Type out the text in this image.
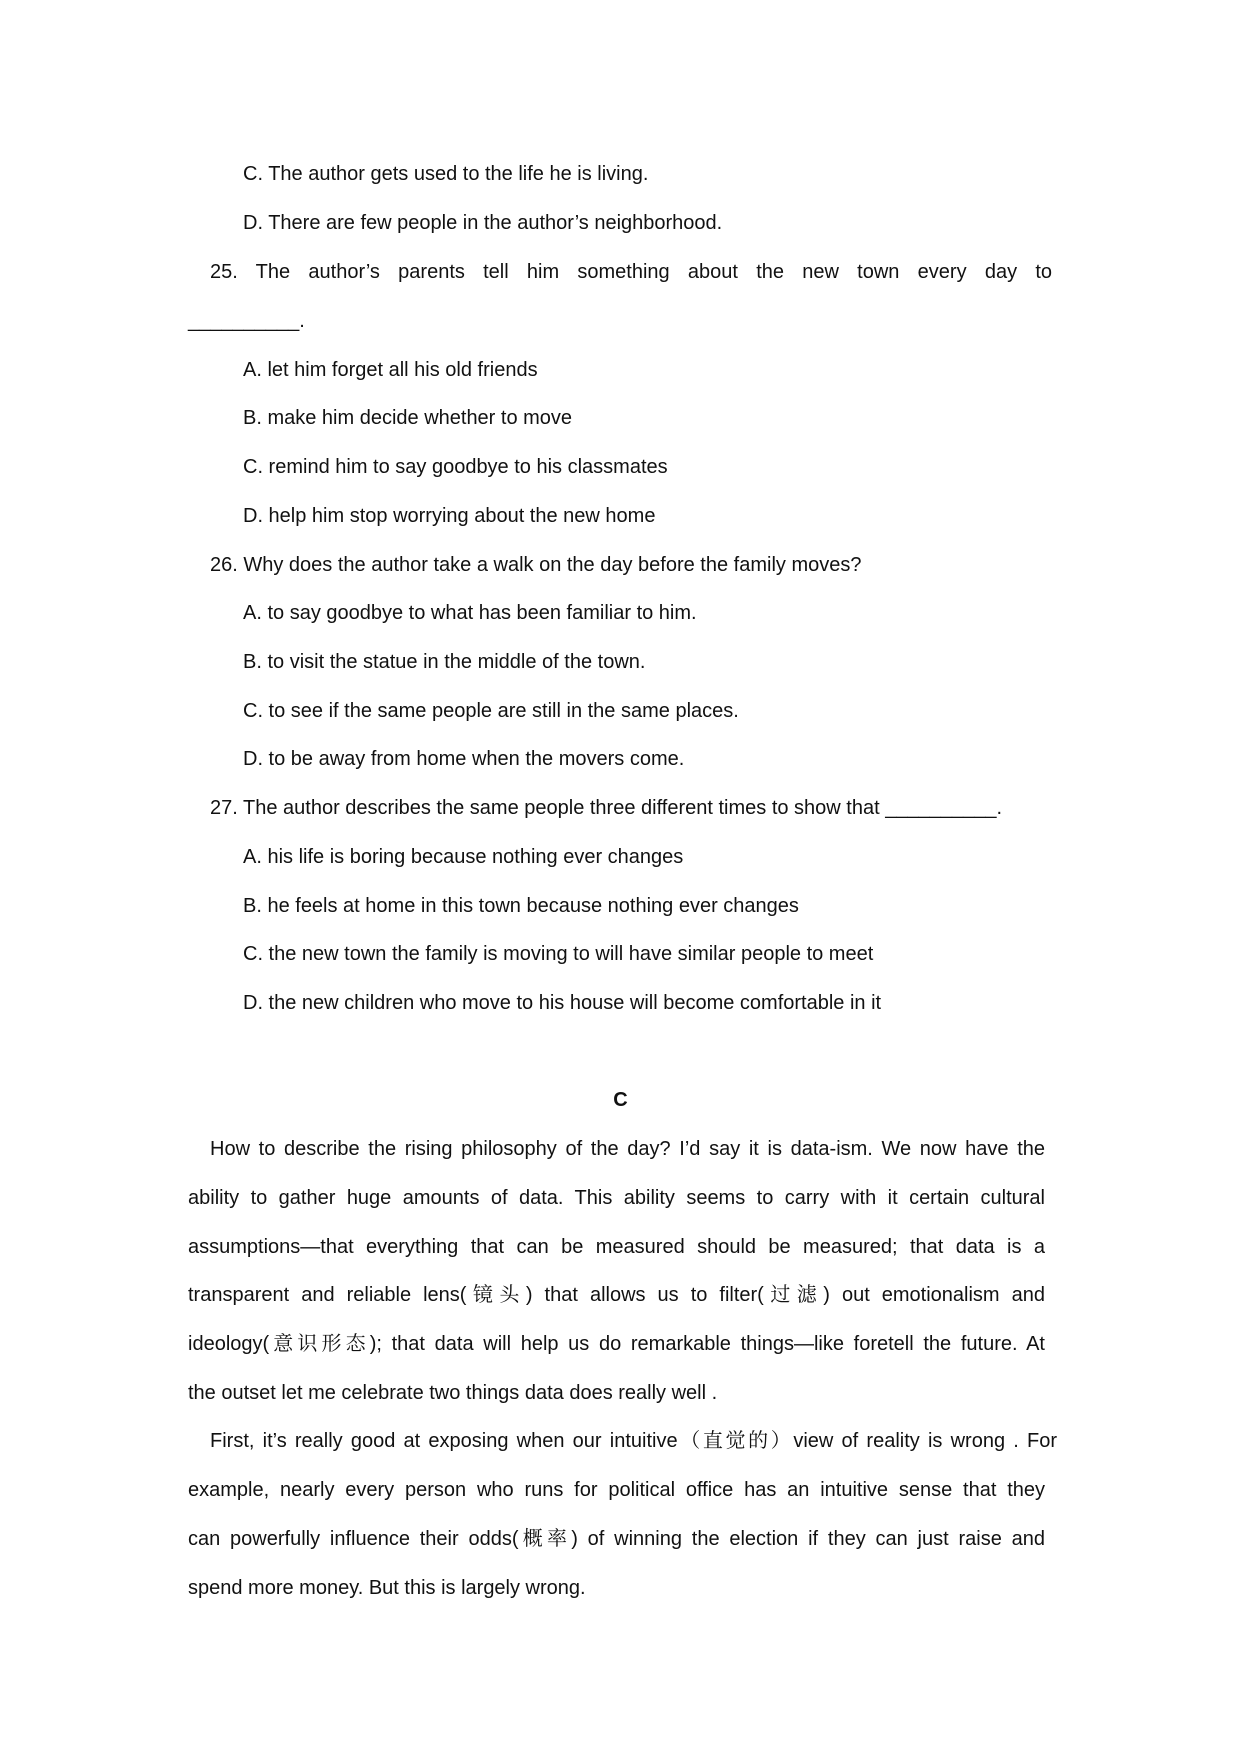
C. The author gets used to the life he is living.
D. There are few people in the author’s neighborhood.
25. The author’s parents tell him something about the new town every day to
__________.
A. let him forget all his old friends
B. make him decide whether to move
C. remind him to say goodbye to his classmates
D. help him stop worrying about the new home
26. Why does the author take a walk on the day before the family moves?
A. to say goodbye to what has been familiar to him.
B. to visit the statue in the middle of the town.
C. to see if the same people are still in the same places.
D. to be away from home when the movers come.
27. The author describes the same people three different times to show that __________.
A. his life is boring because nothing ever changes
B. he feels at home in this town because nothing ever changes
C. the new town the family is moving to will have similar people to meet
D. the new children who move to his house will become comfortable in it
C
How to describe the rising philosophy of the day? I’d say it is data-ism. We now have the
ability to gather huge amounts of data. This ability seems to carry with it certain cultural
assumptions—that everything that can be measured should be measured; that data is a
transparent and reliable lens(镜头) that allows us to filter(过滤) out emotionalism and
ideology(意识形态); that data will help us do remarkable things—like foretell the future. At
the outset let me celebrate two things data does really well .
First, it’s really good at exposing when our intuitive（直觉的）view of reality is wrong . For
example, nearly every person who runs for political office has an intuitive sense that they
can powerfully influence their odds(概率) of winning the election if they can just raise and
spend more money. But this is largely wrong.
